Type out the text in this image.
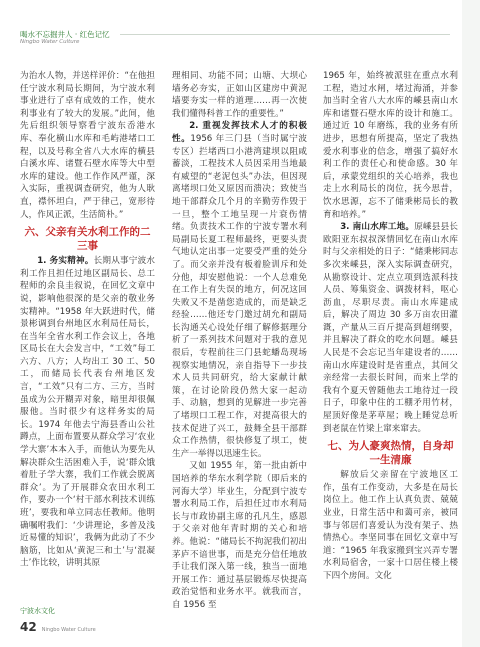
喝水不忘掘井人 · 红色记忆
Ningbo Water Culture

为治水人物，并送样评价：“在他担任宁波水利局长期间，为宁波水利事业进行了卓有成效的工作，使水利事业有了较大的发展。”此间，他先后组织领导察看宁波东岙港水库、奉化横山水库和毛屿港堵口工程，以及号称全省八大水库的横县白溪水库、诸暨石壁水库等大中型水库的建设。他工作作风严谨，深入实际，重视调查研究，他为人耿直，襟怀坦白，严于律己，宽形待人，作风正派，生活简朴。”

六、父亲有关水利工作的二三事

1. 务实精神。长期从事宁波水利工作且担任过地区副局长、总工程师的余良圭叙说，在回忆文章中说，影响他很深的是父亲的敬业务实精神。“1958 年大跃进时代，储景彬调到台州地区水利局任局长，在当年全省水利工作会议上，各地区局长在大会发言中，“工效”每工六方、八方；人均出工 30 工、50 工，而储局长代表台州地区发言，“工效”只有二方、三方，当时虽成为公开糊弄对象，暗里却很佩服他。当时很少有这样务实的局长。1974 年他去宁海县香山公社蹲点，上面布置要从群众学习‘农业学大寨’本本入手，而他认为要先从解决群众生活困难入手，说‘群众饿着肚子学大寨，我们工作就会脱离群众’。为了开展群众农田水利工作，要办一个‘村干部水利技术训练班’，要我和单立同志任教师。他明确嘱咐我们：‘少讲理论，多普及浅近易懂的知识’，我俩为此动了不少脑筋，比如从‘黄泥三和土’与‘混凝土’作比较，讲明其原

理相同、功能不同；山塘、大坝心墙务必夯实，正如山区建房中黄泥墙要夯实一样的道理……再一次使我们懂得科普工作的重要性。”

2. 重视发挥技术人才的积极性。1956 年三门县（当时属宁波专区）拦堵西口小港湾建坝以阻咸蓄淡，工程技术人员因采用当地最有威望的“老泥包头”办法，但因现离堵坝口处又原因而溃决；致使当地干部群众几个月的辛勤劳作毁于一旦，整个工地呈现一片衰伤情绪。负责技术工作的宁波专署水利局副局长夏工程师最终，更要头责气地认定出事一定要受严重的处分了。而父亲并没有板着脸训斥和处分他，却安慰他说：一个人总难免在工作上有失误的地方，何况这回失败又不是凿您造成的，而是缺乏经验……他还专门邀过胡允和副局长沟通关心设处仔细了解修据理分析了一系列技术问题对于我的意见很后，专程前往三门县蛇蟠岛现场视察实地情况，亲自指导下一步技术人员共同研究，给大家献计献策，在讨论阶段仍然大家一起动手、动脑，想到的见解进一步完善了堵坝口工程工作，对提高很大的技术促进了兴工，鼓舞全县干部群众工作热情，很快修复了坝工，使生产一举得以迅速生长。

又如 1955 年，第一批由新中国培养的华东水利学院（即后来的河海大学）毕业生，分配到宁波专署水利局工作，后担任过市水利局长与市政协副主席的孔凡生，感恩于父亲对他年青时期的关心和培养。他说：“储局长不拘泥我们初出茅庐不谙世事，而是充分信任地放手让我们深入第一线，独当一面地开展工作：通过基层锻炼尽快提高政治觉悟和业务水平。就我而言，自 1956 至

1965 年，始终被派驻在重点水利工程，造过水闸，堵过海涌，并参加当时全省八大水库的嵊县南山水库和诸暨石壁水库的设计和施工。通过近 10 年磨练，我的业务有所进步，思想有所提高，坚定了我热爱水利事业的信念，增强了搞好水利工作的责任心和使命感。30 年后，承蒙党组织的关心培养，我也走上水利局长的岗位，抚今思昔，饮水思源，忘不了储秉彬局长的教育和培养。”

3. 南山水库工地。原嵊县县长欧阳亚东叔叔深情回忆在南山水库时与父亲相处的日子：“储秉彬同志多次来嵊县，深入实际调查研究，从勘察设计、定点立项到选派科技人员、筹集资金、调拨材料，呕心沥血，尽职尽责。南山水库建成后，解决了周边 30 多万亩农田灌溉，产量从三百斤提高到超纲要，并且解决了群众的吃水问题。嵊县人民是不会忘记当年建设者的……南山水库建设时是省重点，其间父亲经常一去很长时间，而来上学的我有个夏天曾随他去工地待过一段日子，印象中住的工棚矛用竹材，屋顶好像是茅草屋；晚上睡觉总听到老鼠在竹梁上窜来窜去。

七、为人豪爽热情，自身却一生清廉

解放后父亲留在宁波地区工作，虽有工作变动，大多是在局长岗位上。他工作上认真负责、兢兢业业，日常生活中和蔼可亲，被同事与邻居们喜爱认为没有架子、热情热心。李坚同事在回忆文章中写道：“1965 年我家搬到宝兴弄专署水利局宿舍，一家十口居住楼上楼下四个房间。文化

宁波水文化
42 Ningbo Water Culture
